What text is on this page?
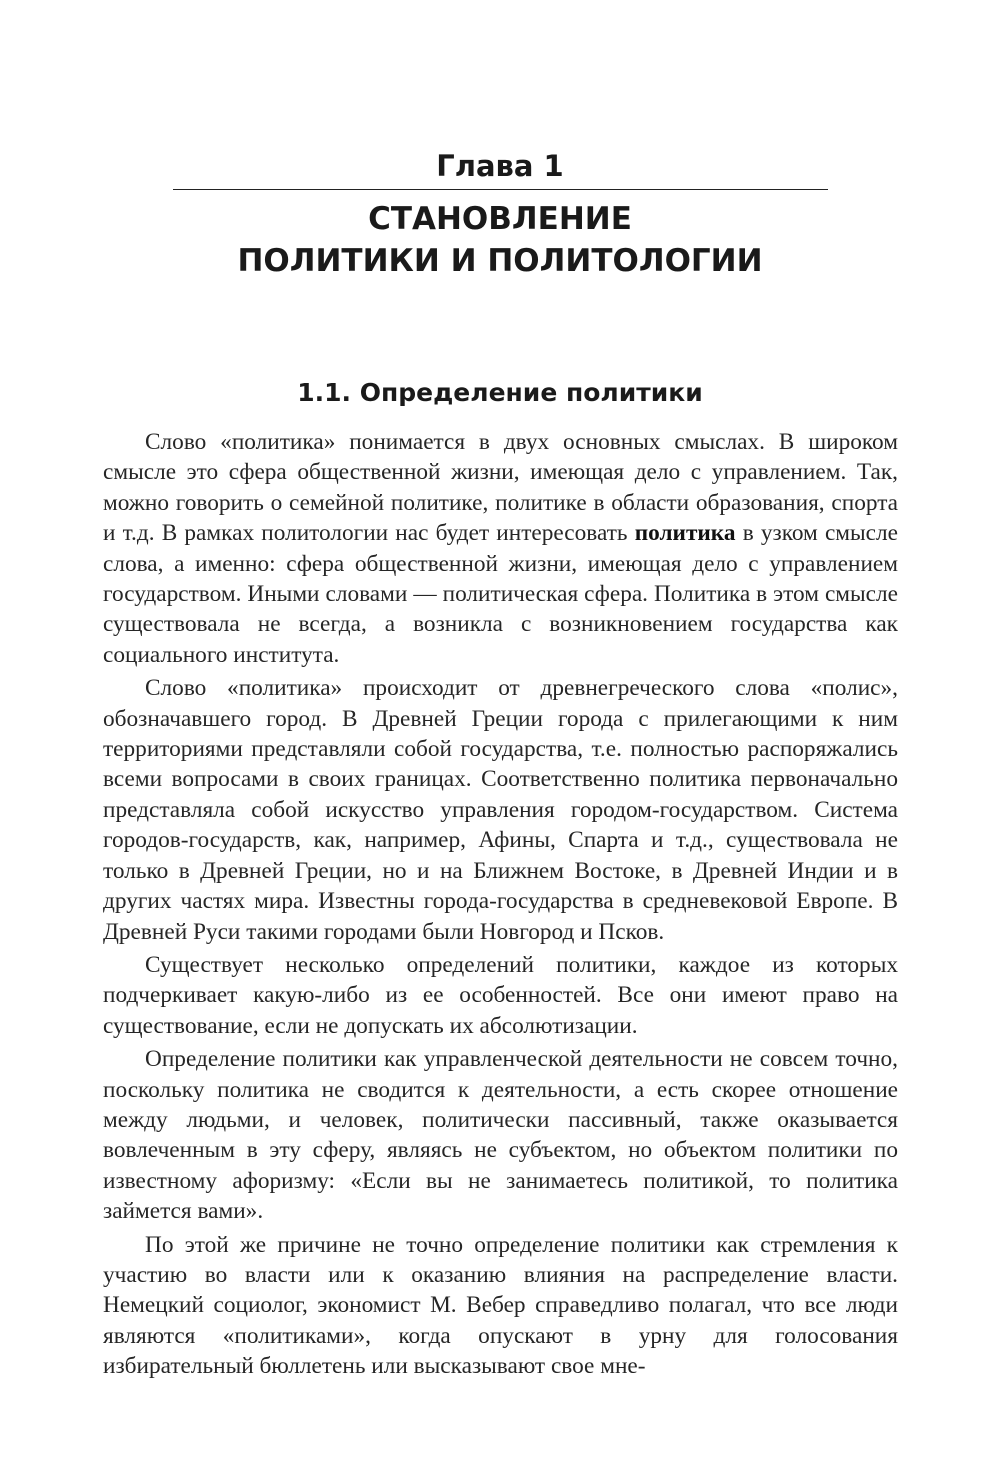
Глава 1
СТАНОВЛЕНИЕ
ПОЛИТИКИ И ПОЛИТОЛОГИИ
1.1. Определение политики

Слово «политика» понимается в двух основных смыслах. В широком смысле это сфера общественной жизни, имеющая дело с управлением. Так, можно говорить о семейной политике, политике в области образования, спорта и т.д. В рамках политологии нас будет интересовать политика в узком смысле слова, а именно: сфера общественной жизни, имеющая дело с управлением государством. Иными словами — политическая сфера. Политика в этом смысле существовала не всегда, а возникла с возникновением государства как социального института.

Слово «политика» происходит от древнегреческого слова «полис», обозначавшего город. В Древней Греции города с прилегающими к ним территориями представляли собой государства, т.е. полностью распоряжались всеми вопросами в своих границах. Соответственно политика первоначально представляла собой искусство управления городом-государством. Система городов-государств, как, например, Афины, Спарта и т.д., существовала не только в Древней Греции, но и на Ближнем Востоке, в Древней Индии и в других частях мира. Известны города-государства в средневековой Европе. В Древней Руси такими городами были Новгород и Псков.

Существует несколько определений политики, каждое из которых подчеркивает какую-либо из ее особенностей. Все они имеют право на существование, если не допускать их абсолютизации.

Определение политики как управленческой деятельности не совсем точно, поскольку политика не сводится к деятельности, а есть скорее отношение между людьми, и человек, политически пассивный, также оказывается вовлеченным в эту сферу, являясь не субъектом, но объектом политики по известному афоризму: «Если вы не занимаетесь политикой, то политика займется вами».

По этой же причине не точно определение политики как стремления к участию во власти или к оказанию влияния на распределение власти. Немецкий социолог, экономист М. Вебер справедливо полагал, что все люди являются «политиками», когда опускают в урну для голосования избирательный бюллетень или высказывают свое мне-
